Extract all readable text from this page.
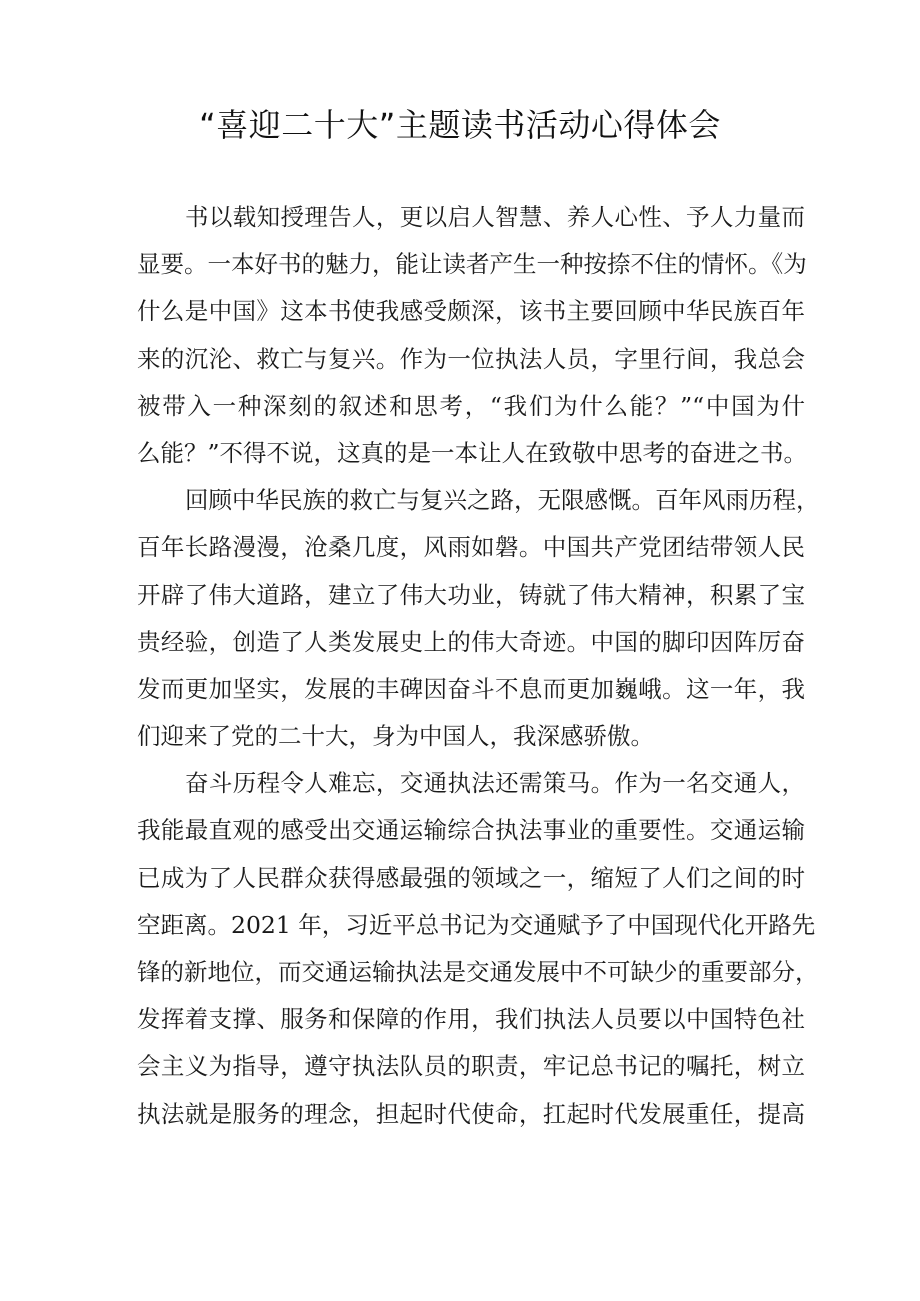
“喜迎二十大”主题读书活动心得体会
书以载知授理告人，更以启人智慧、养人心性、予人力量而
显要。一本好书的魅力，能让读者产生一种按捺不住的情怀。《为
什么是中国》这本书使我感受颇深，该书主要回顾中华民族百年
来的沉沦、救亡与复兴。作为一位执法人员，字里行间，我总会
被带入一种深刻的叙述和思考，“我们为什么能？”“中国为什
么能？”不得不说，这真的是一本让人在致敬中思考的奋进之书。
回顾中华民族的救亡与复兴之路，无限感慨。百年风雨历程，
百年长路漫漫，沧桑几度，风雨如磐。中国共产党团结带领人民
开辟了伟大道路，建立了伟大功业，铸就了伟大精神，积累了宝
贵经验，创造了人类发展史上的伟大奇迹。中国的脚印因阵厉奋
发而更加坚实，发展的丰碑因奋斗不息而更加巍峨。这一年，我
们迎来了党的二十大，身为中国人，我深感骄傲。
奋斗历程令人难忘，交通执法还需策马。作为一名交通人，
我能最直观的感受出交通运输综合执法事业的重要性。交通运输
已成为了人民群众获得感最强的领域之一，缩短了人们之间的时
空距离。2021 年，习近平总书记为交通赋予了中国现代化开路先
锋的新地位，而交通运输执法是交通发展中不可缺少的重要部分，
发挥着支撑、服务和保障的作用，我们执法人员要以中国特色社
会主义为指导，遵守执法队员的职责，牢记总书记的嘱托，树立
执法就是服务的理念，担起时代使命，扛起时代发展重任，提高
